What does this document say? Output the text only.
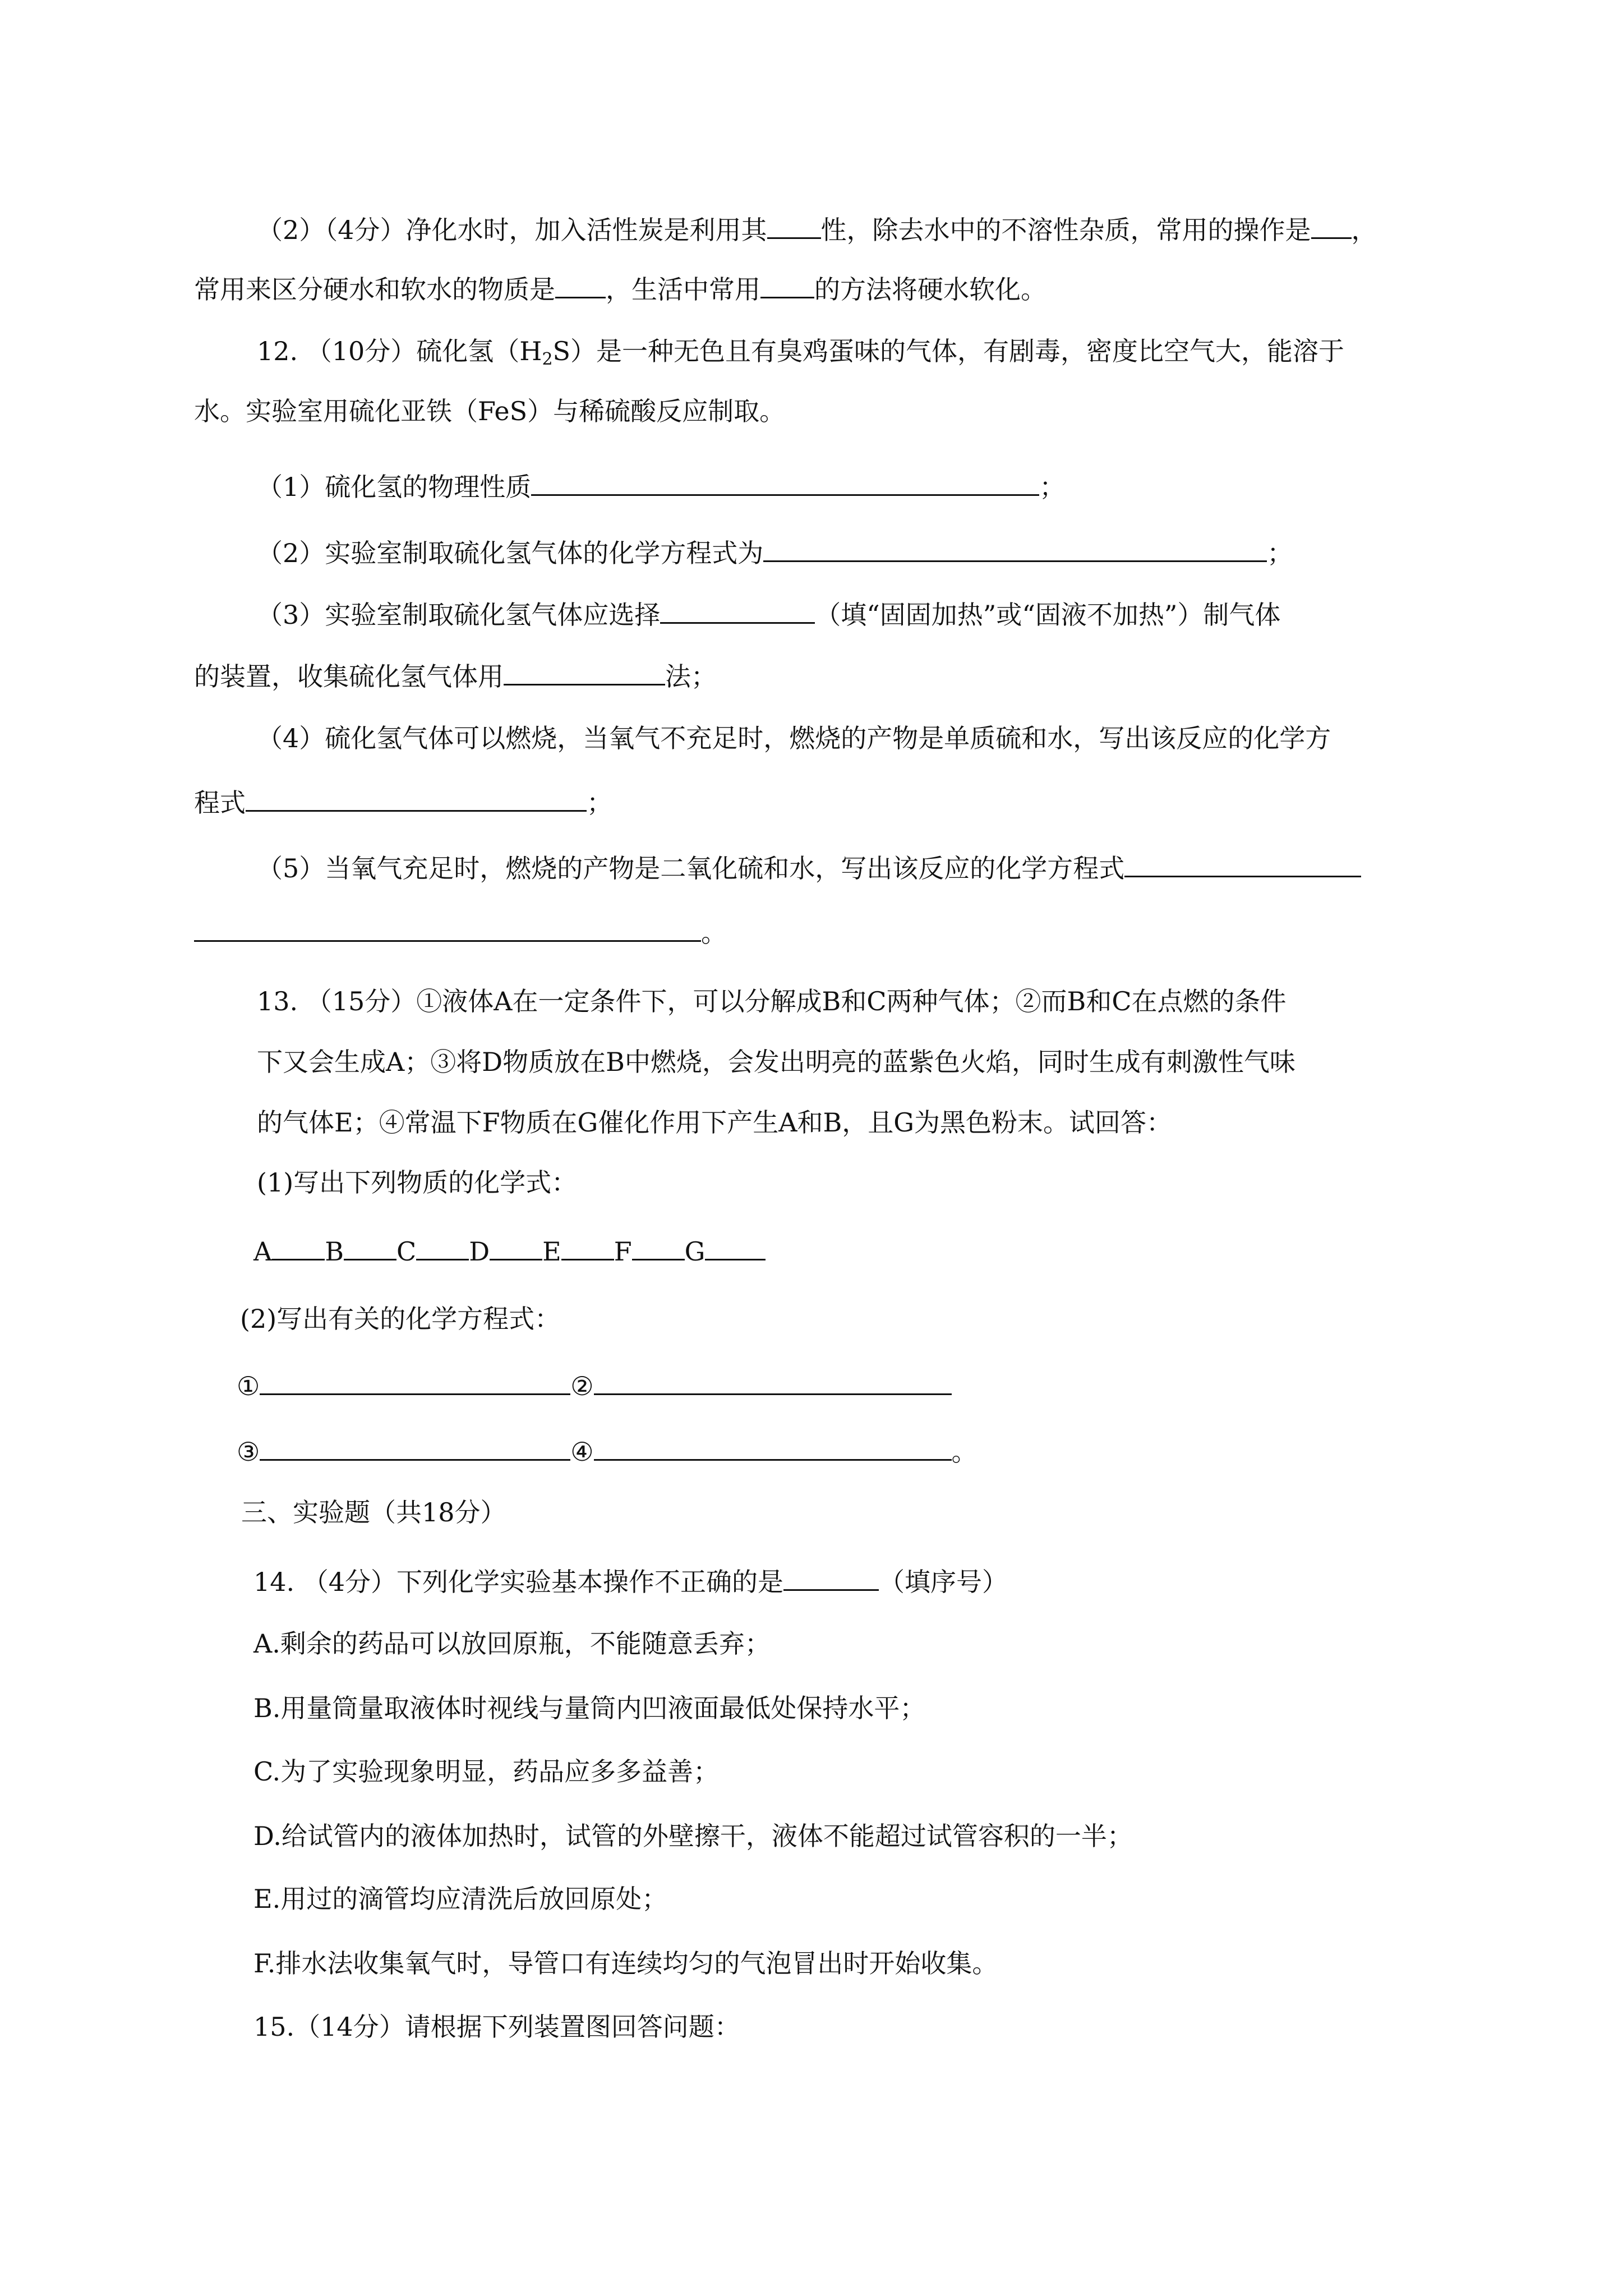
（2）（4分）净化水时，加入活性炭是利用其 性，除去水中的不溶性杂质，常用的操作是 ，
常用来区分硬水和软水的物质是 ，生活中常用 的方法将硬水软化。
12. （10分）硫化氢$(H_2S)$是一种无色且有臭鸡蛋味的气体，有剧毒，密度比空气大，能溶于
水。实验室用硫化亚铁（FeS）与稀硫酸反应制取。
（1）硫化氢的物理性质	；
（2）实验室制取硫化氢气体的化学方程式为	；
（3）实验室制取硫化氢气体应选择	（填“固固加热”或“固液不加热”）制气体
的装置，收集硫化氢气体用	法；
（4）硫化氢气体可以燃烧，当氧气不充足时，燃烧的产物是单质硫和水，写出该反应的化学方
程式	；
（5）当氧气充足时，燃烧的产物是二氧化硫和水，写出该反应的化学方程式
。
13. （15分）①液体A在一定条件下，可以分解成B和C两种气体；②而B和C在点燃的条件
下又会生成A；③将D物质放在B中燃烧，会发出明亮的蓝紫色火焰，同时生成有刺激性气味
的气体E；④常温下F物质在G催化作用下产生A和B，且G为黑色粉末。试回答：
(1)写出下列物质的化学式：
A B C D E F G
(2)写出有关的化学方程式：
①	②
③	④	。
三、实验题（共18分）
14. （4分）下列化学实验基本操作不正确的是	（填序号）
A.剩余的药品可以放回原瓶，不能随意丢弃；
B.用量筒量取液体时视线与量筒内凹液面最低处保持水平；
C.为了实验现象明显，药品应多多益善；
D.给试管内的液体加热时，试管的外壁擦干，液体不能超过试管容积的一半；
E.用过的滴管均应清洗后放回原处；
F.排水法收集氧气时，导管口有连续均匀的气泡冒出时开始收集。
15.（14分）请根据下列装置图回答问题：
